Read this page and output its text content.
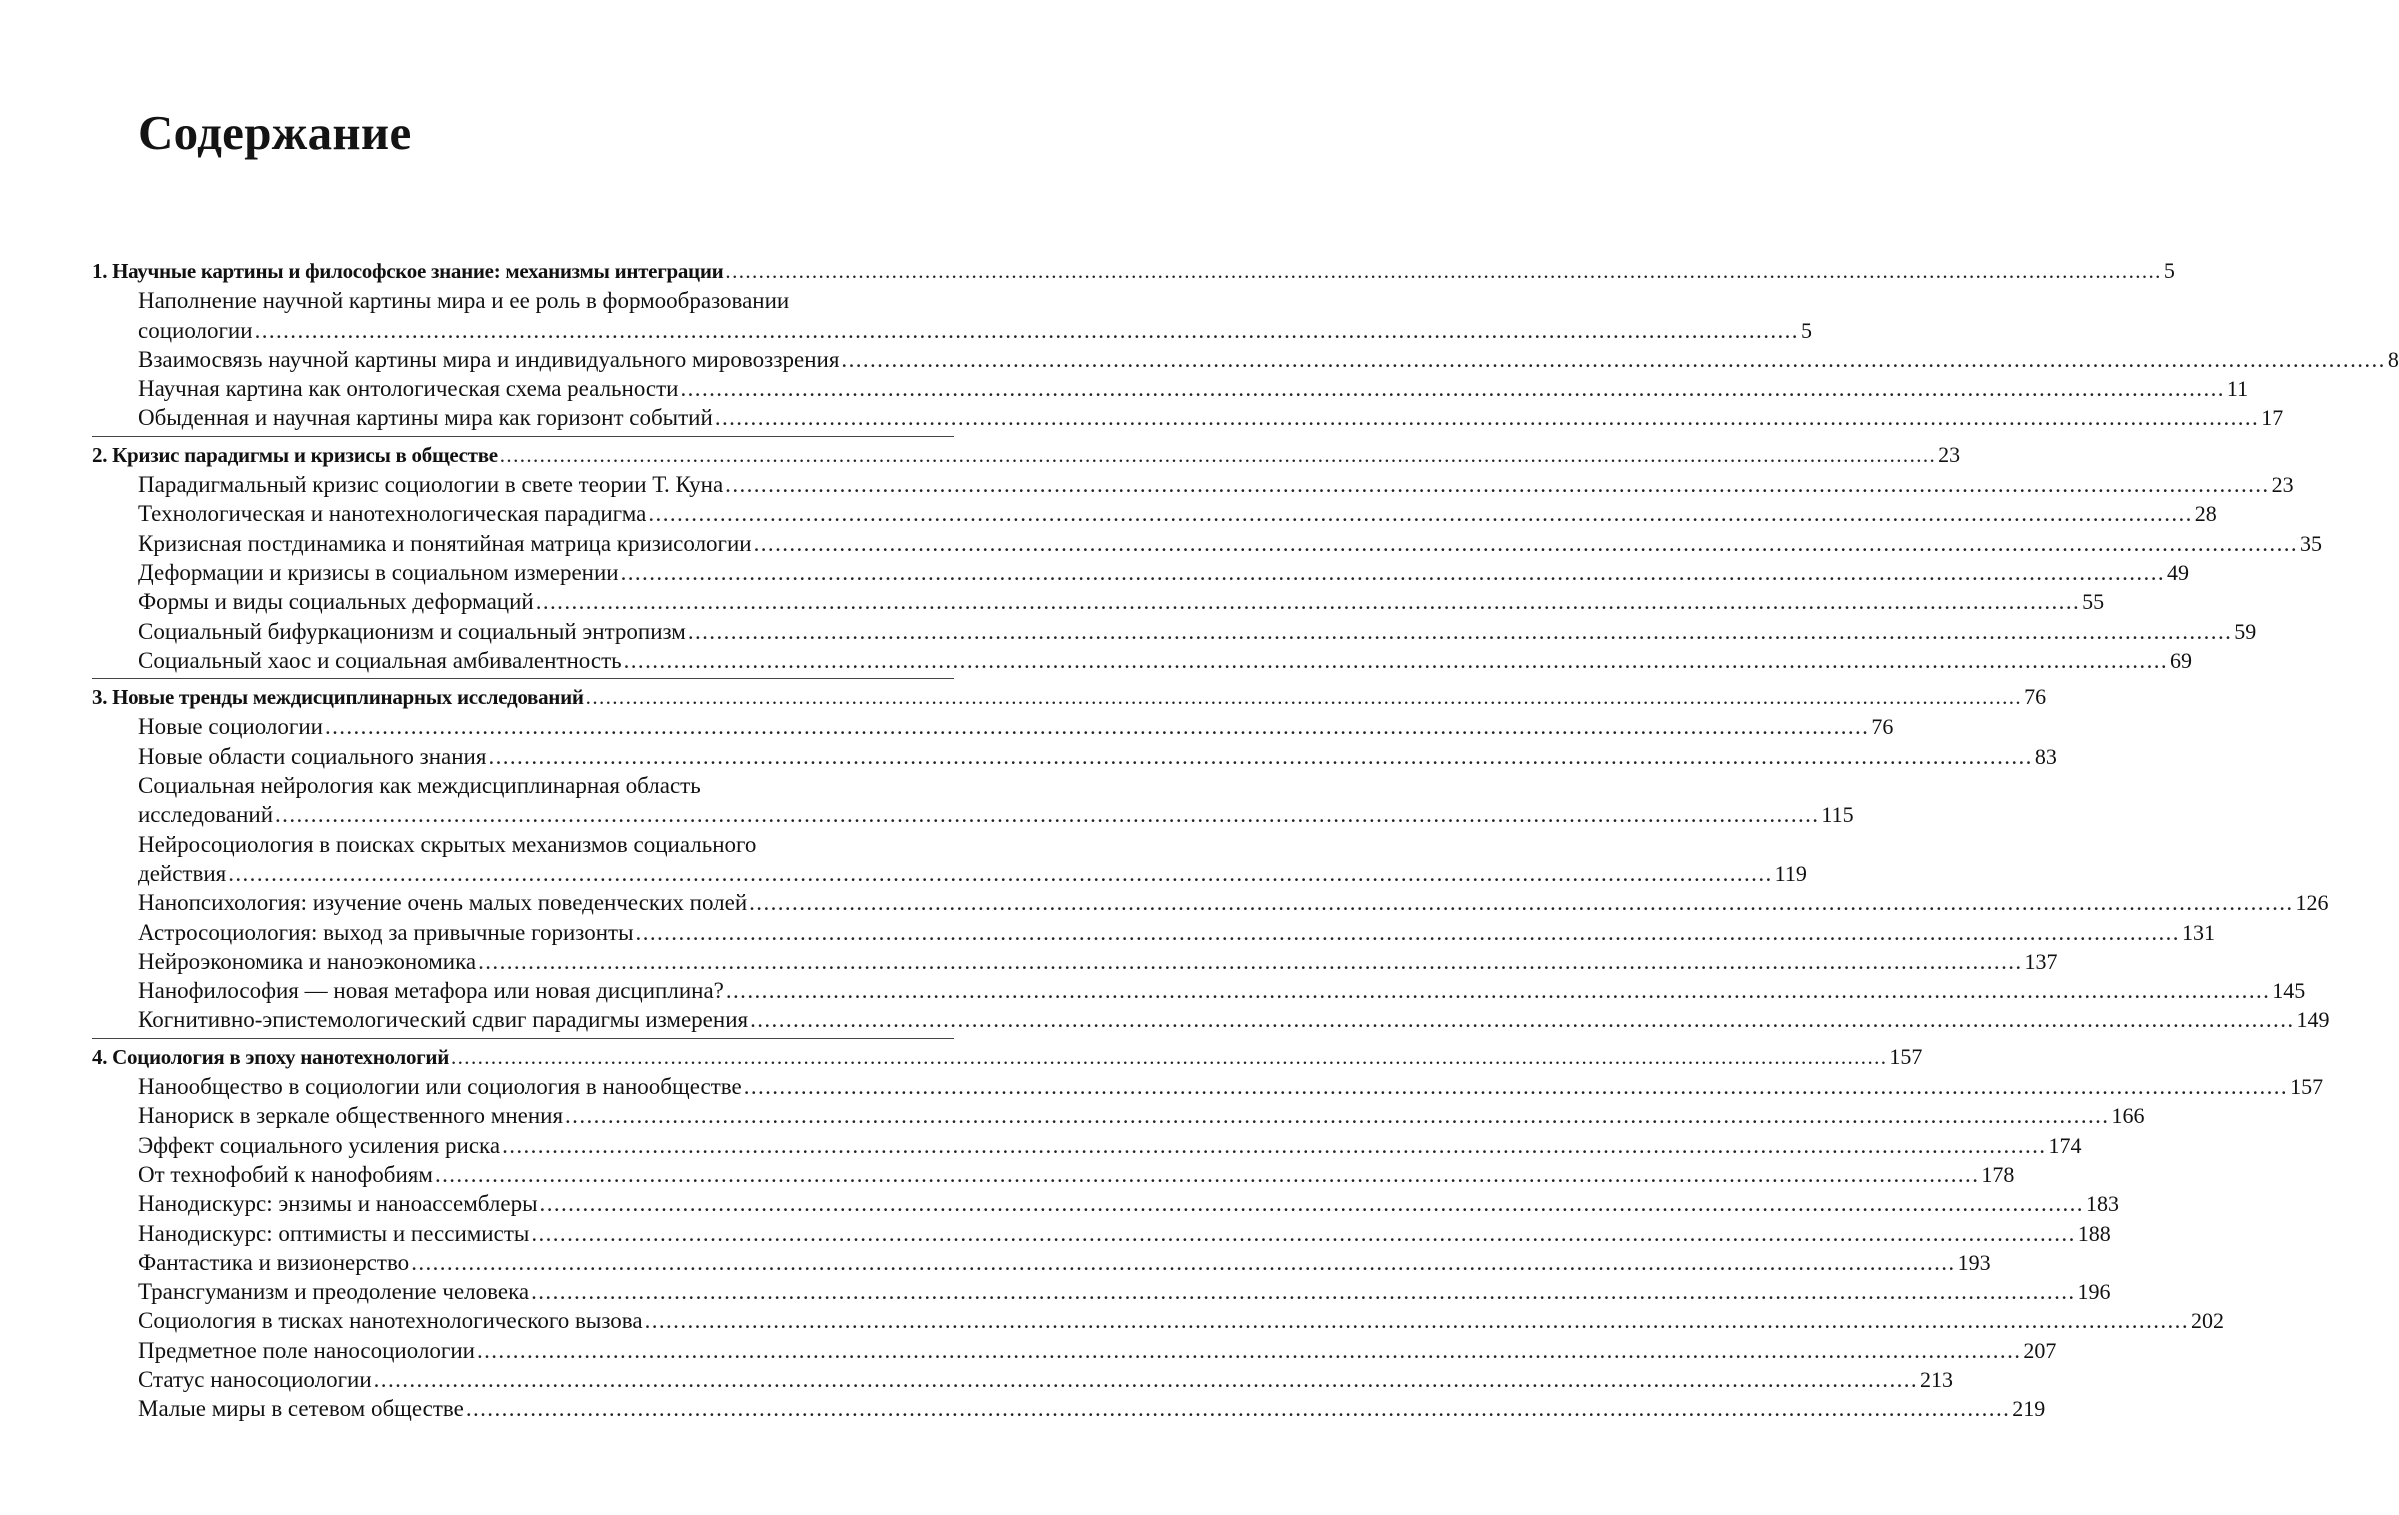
Содержание
1. Научные картины и философское знание: механизмы интеграции .....	5
Наполнение научной картины мира и ее роль в формообразовании
социологии .....	5
Взаимосвязь научной картины мира и индивидуального мировоззрения .....	8
Научная картина как онтологическая схема реальности .....	11
Обыденная и научная картины мира как горизонт событий .....	17
2. Кризис парадигмы и кризисы в обществе .....	23
Парадигмальный кризис социологии в свете теории Т. Куна .....	23
Технологическая и нанотехнологическая парадигма .....	28
Кризисная постдинамика и понятийная матрица кризисологии .....	35
Деформации и кризисы в социальном измерении .....	49
Формы и виды социальных деформаций .....	55
Социальный бифуркационизм и социальный энтропизм .....	59
Социальный хаос и социальная амбивалентность .....	69
3. Новые тренды междисциплинарных исследований .....	76
Новые социологии .....	76
Новые области социального знания .....	83
Социальная нейрология как междисциплинарная область
исследований .....	115
Нейросоциология в поисках скрытых механизмов социального
действия .....	119
Нанопсихология: изучение очень малых поведенческих полей .....	126
Астросоциология: выход за привычные горизонты .....	131
Нейроэкономика и наноэкономика .....	137
Нанофилософия — новая метафора или новая дисциплина? .....	145
Когнитивно-эпистемологический сдвиг парадигмы измерения .....	149
4. Социология в эпоху нанотехнологий .....	157
Нанообщество в социологии или социология в нанообществе .....	157
Нанориск в зеркале общественного мнения .....	166
Эффект социального усиления риска .....	174
От технофобий к нанофобиям .....	178
Нанодискурс: энзимы и наноассемблеры .....	183
Нанодискурс: оптимисты и пессимисты .....	188
Фантастика и визионерство .....	193
Трансгуманизм и преодоление человека .....	196
Социология в тисках нанотехнологического вызова .....	202
Предметное поле наносоциологии .....	207
Статус наносоциологии .....	213
Малые миры в сетевом обществе .....	219
